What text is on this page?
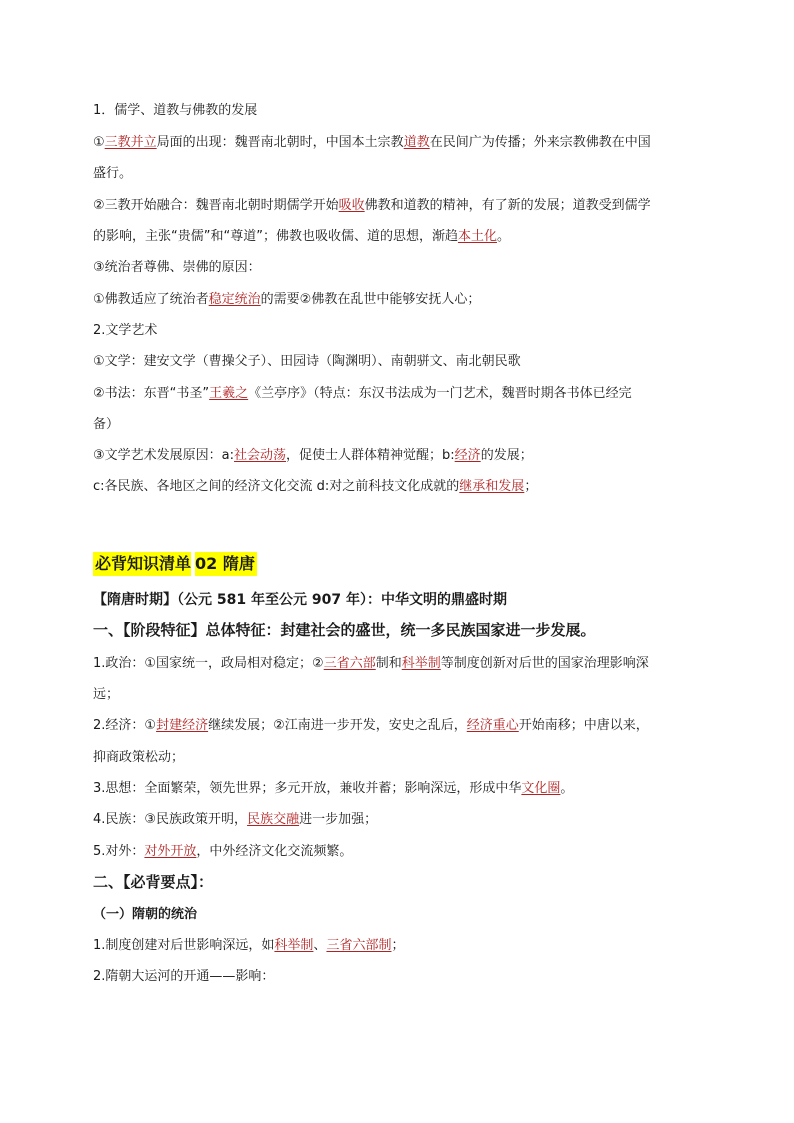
1．儒学、道教与佛教的发展
①三教并立局面的出现：魏晋南北朝时，中国本土宗教道教在民间广为传播；外来宗教佛教在中国
盛行。
②三教开始融合：魏晋南北朝时期儒学开始吸收佛教和道教的精神，有了新的发展；道教受到儒学
的影响，主张“贵儒”和“尊道”；佛教也吸收儒、道的思想，渐趋本土化。
③统治者尊佛、崇佛的原因：
①佛教适应了统治者稳定统治的需要②佛教在乱世中能够安抚人心；
2.文学艺术
①文学：建安文学（曹操父子）、田园诗（陶渊明）、南朝骈文、南北朝民歌
②书法：东晋“书圣”王羲之《兰亭序》（特点：东汉书法成为一门艺术，魏晋时期各书体已经完
备）
③文学艺术发展原因：a:社会动荡，促使士人群体精神觉醒；b:经济的发展；
c:各民族、各地区之间的经济文化交流 d:对之前科技文化成就的继承和发展；
必背知识清单 02 隋唐
【隋唐时期】（公元 581 年至公元 907 年）：中华文明的鼎盛时期
一、【阶段特征】总体特征：封建社会的盛世，统一多民族国家进一步发展。
1.政治：①国家统一，政局相对稳定；②三省六部制和科举制等制度创新对后世的国家治理影响深
远；
2.经济：①封建经济继续发展；②江南进一步开发，安史之乱后，经济重心开始南移；中唐以来，
抑商政策松动；
3.思想：全面繁荣，领先世界；多元开放，兼收并蓄；影响深远，形成中华文化圈。
4.民族：③民族政策开明，民族交融进一步加强；
5.对外：对外开放，中外经济文化交流频繁。
二、【必背要点】：
（一）隋朝的统治
1.制度创建对后世影响深远，如科举制、三省六部制；
2.隋朝大运河的开通——影响：
